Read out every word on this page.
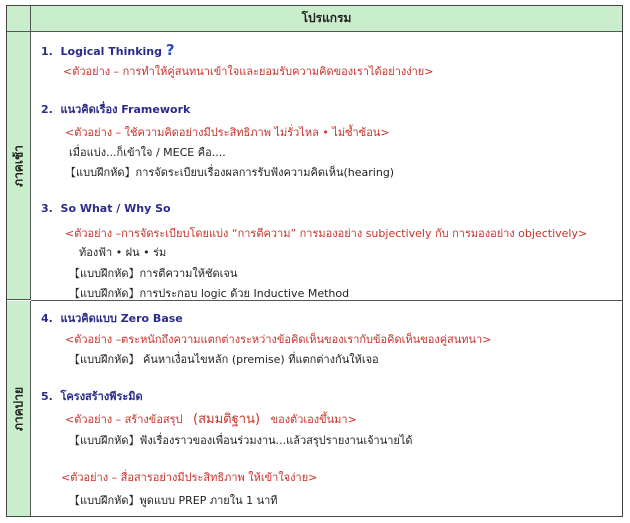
โปรแกรม
ภาคเช้า
ภาคบ่าย
1. Logical Thinking ?
<ตัวอย่าง – การทำให้คู่สนทนาเข้าใจและยอมรับความคิดของเราได้อย่างง่าย>
2. แนวคิดเรื่อง Framework
<ตัวอย่าง – ใช้ความคิดอย่างมีประสิทธิภาพ ไม่รั่วไหล • ไม่ซ้ำซ้อน>
เมื่อแบ่ง...ก็เข้าใจ / MECE คือ....
【แบบฝึกหัด】การจัดระเบียบเรื่องผลการรับฟังความคิดเห็น(hearing)
3. So What / Why So
<ตัวอย่าง –การจัดระเบียบโดยแบ่ง “การตีความ” การมองอย่าง subjectively กับ การมองอย่าง objectively>
ท้องฟ้า • ฝน • ร่ม
【แบบฝึกหัด】การตีความให้ชัดเจน
【แบบฝึกหัด】การประกอบ logic ด้วย Inductive Method
4. แนวคิดแบบ Zero Base
<ตัวอย่าง –ตระหนักถึงความแตกต่างระหว่างข้อคิดเห็นของเรากับข้อคิดเห็นของคู่สนทนา>
【แบบฝึกหัด】 ค้นหาเงื่อนไขหลัก (premise) ที่แตกต่างกันให้เจอ
5. โครงสร้างพีระมิด
<ตัวอย่าง – สร้างข้อสรุป (สมมติฐาน) ของตัวเองขึ้นมา>
【แบบฝึกหัด】ฟังเรื่องราวของเพื่อนร่วมงาน...แล้วสรุปรายงานเจ้านายได้
<ตัวอย่าง – สื่อสารอย่างมีประสิทธิภาพ ให้เข้าใจง่าย>
【แบบฝึกหัด】พูดแบบ PREP ภายใน 1 นาที
